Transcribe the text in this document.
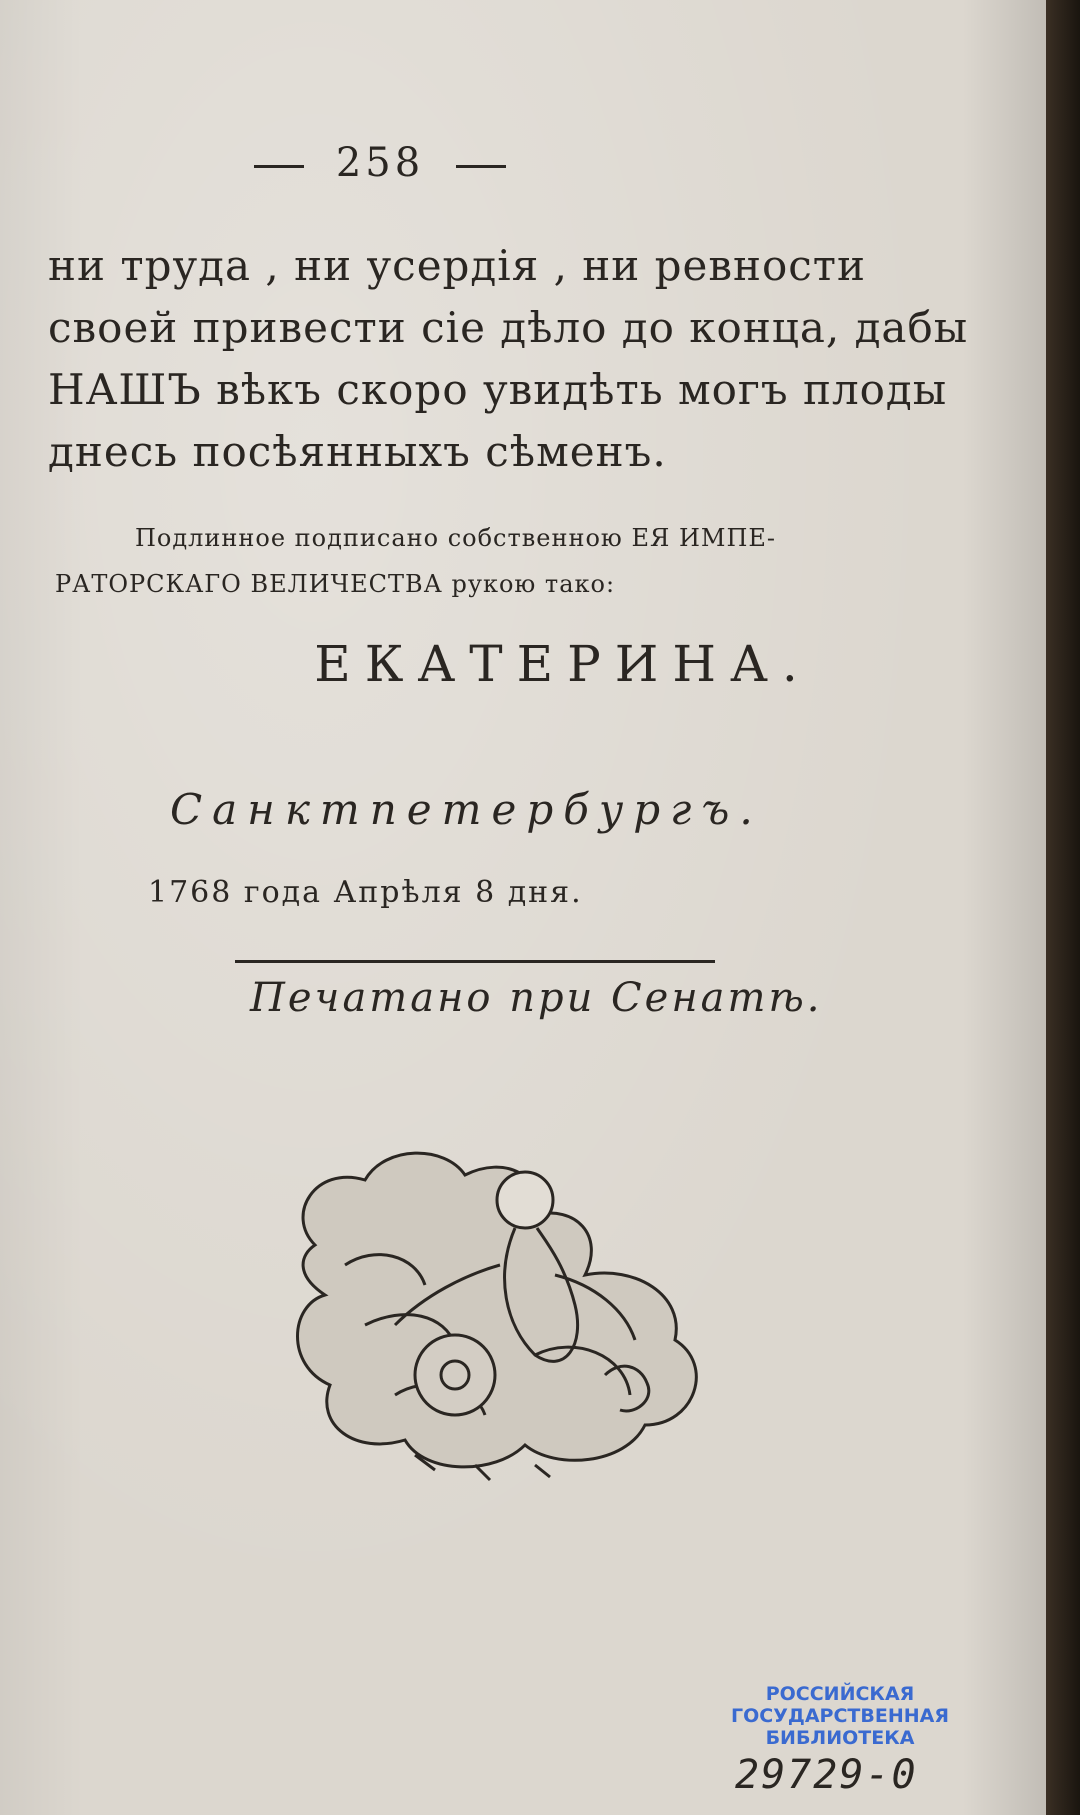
258
ни труда , ни усердія , ни ревности
своей привести сіе дѣло до конца, дабы
НАШЪ вѣкъ скоро увидѣть могъ плоды
днесь посѣянныхъ сѣменъ.
Подлинное подписано собственною ЕЯ ИМПЕ-
РАТОРСКАГО ВЕЛИЧЕСТВА рукою тако:
ЕКАТЕРИНА.
Санктпетербургъ.
1768 года Апрѣля 8 дня.
Печатано при Сенатѣ.
РОССИЙСКАЯ
ГОСУДАРСТВЕННАЯ
БИБЛИОТЕКА
29729-0
